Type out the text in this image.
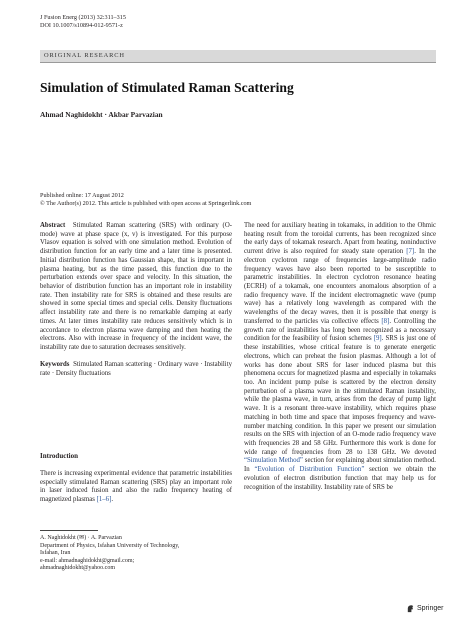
J Fusion Energ (2013) 32:311–315
DOI 10.1007/s10894-012-9571-z
ORIGINAL RESEARCH
Simulation of Stimulated Raman Scattering
Ahmad Naghidokht · Akbar Parvazian
Published online: 17 August 2012
© The Author(s) 2012. This article is published with open access at Springerlink.com

Abstract Stimulated Raman scattering (SRS) with ordinary (O-mode) wave at phase space (x, v) is investigated. For this purpose Vlasov equation is solved with one simulation method. Evolution of distribution function for an early time and a later time is presented. Initial distribution function has Gaussian shape, that is important in plasma heating, but as the time passed, this function due to the perturbation extends over space and velocity. In this situation, the behavior of distribution function has an important role in instability rate. Then instability rate for SRS is obtained and these results are showed in some special times and special cells. Density fluctuations affect instability rate and there is no remarkable damping at early times. At later times instability rate reduces sensitively which is in accordance to electron plasma wave damping and then heating the electrons. Also with increase in frequency of the incident wave, the instability rate due to saturation decreases sensitively.

Keywords Stimulated Raman scattering · Ordinary wave · Instability rate · Density fluctuations

Introduction

There is increasing experimental evidence that parametric instabilities especially stimulated Raman scattering (SRS) play an important role in laser induced fusion and also the radio frequency heating of magnetized plasmas [1–6].

A. Naghidokht (✉) · A. Parvazian
Department of Physics, Isfahan University of Technology,
Isfahan, Iran
e-mail: ahmadnaghidokht@gmail.com;
ahmadnaghidokht@yahoo.com

The need for auxiliary heating in tokamaks, in addition to the Ohmic heating result from the toroidal currents, has been recognized since the early days of tokamak research. Apart from heating, noninductive current drive is also required for steady state operation [7]. In the electron cyclotron range of frequencies large-amplitude radio frequency waves have also been reported to be susceptible to parametric instabilities. In electron cyclotron resonance heating (ECRH) of a tokamak, one encounters anomalous absorption of a radio frequency wave. If the incident electromagnetic wave (pump wave) has a relatively long wavelength as compared with the wavelengths of the decay waves, then it is possible that energy is transferred to the particles via collective effects [8]. Controlling the growth rate of instabilities has long been recognized as a necessary condition for the feasibility of fusion schemes [9]. SRS is just one of these instabilities, whose critical feature is to generate energetic electrons, which can preheat the fusion plasmas. Although a lot of works has done about SRS for laser induced plasma but this phenomena occurs for magnetized plasma and especially in tokamaks too. An incident pump pulse is scattered by the electron density perturbation of a plasma wave in the stimulated Raman instability, while the plasma wave, in turn, arises from the decay of pump light wave. It is a resonant three-wave instability, which requires phase matching in both time and space that imposes frequency and wave-number matching condition. In this paper we present our simulation results on the SRS with injection of an O-mode radio frequency wave with frequencies 28 and 58 GHz. Furthermore this work is done for wide range of frequencies from 28 to 138 GHz. We devoted “Simulation Method” section for explaining about simulation method. In “Evolution of Distribution Function” section we obtain the evolution of electron distribution function that may help us for recognition of the instability. Instability rate of SRS be

Springer
